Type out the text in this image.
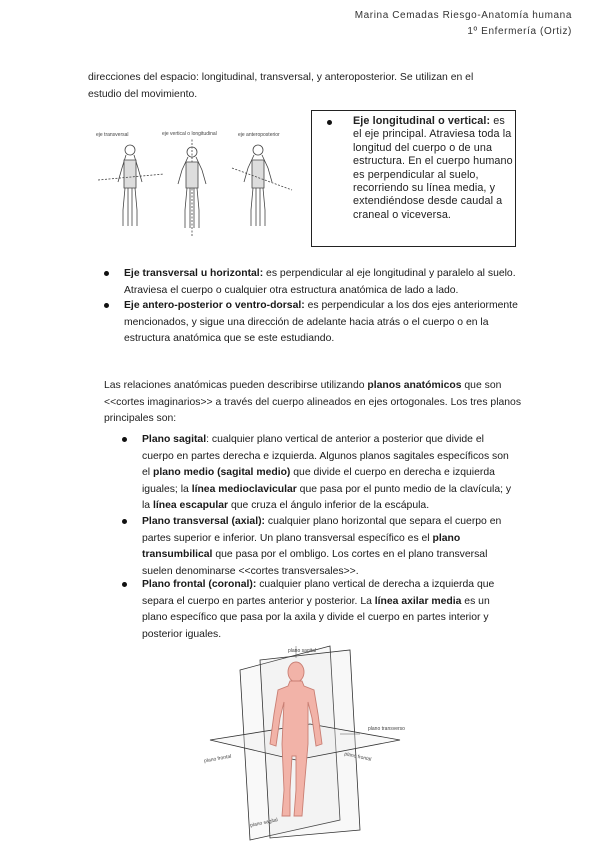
Marina Cemadas Riesgo-Anatomía humana
1º Enfermería (Ortiz)
direcciones del espacio: longitudinal, transversal, y anteroposterior. Se utilizan en el
estudio del movimiento.
eje transversal	eje vertical o longitudinal	eje anteroposterior
Eje longitudinal o vertical: es el eje principal. Atraviesa toda la longitud del cuerpo o de una estructura. En el cuerpo humano es perpendicular al suelo, recorriendo su línea media, y extendiéndose desde caudal a craneal o viceversa.
Eje transversal u horizontal: es perpendicular al eje longitudinal y paralelo al suelo. Atraviesa el cuerpo o cualquier otra estructura anatómica de lado a lado.
Eje antero-posterior o ventro-dorsal: es perpendicular a los dos ejes anteriormente mencionados, y sigue una dirección de adelante hacia atrás o el cuerpo o en la estructura anatómica que se este estudiando.
Las relaciones anatómicas pueden describirse utilizando planos anatómicos que son <<cortes imaginarios>> a través del cuerpo alineados en ejes ortogonales. Los tres planos principales son:
Plano sagital: cualquier plano vertical de anterior a posterior que divide el cuerpo en partes derecha e izquierda. Algunos planos sagitales específicos son el plano medio (sagital medio) que divide el cuerpo en derecha e izquierda iguales; la línea medioclavicular que pasa por el punto medio de la clavícula; y la línea escapular que cruza el ángulo inferior de la escápula.
Plano transversal (axial): cualquier plano horizontal que separa el cuerpo en partes superior e inferior. Un plano transversal específico es el plano transumbilical que pasa por el ombligo. Los cortes en el plano transversal suelen denominarse <<cortes transversales>>.
Plano frontal (coronal): cualquier plano vertical de derecha a izquierda que separa el cuerpo en partes anterior y posterior. La línea axilar media es un plano específico que pasa por la axila y divide el cuerpo en partes interior y posterior iguales.
plano sagital
plano transverso
plano frontal	plano frontal
plano sagital
